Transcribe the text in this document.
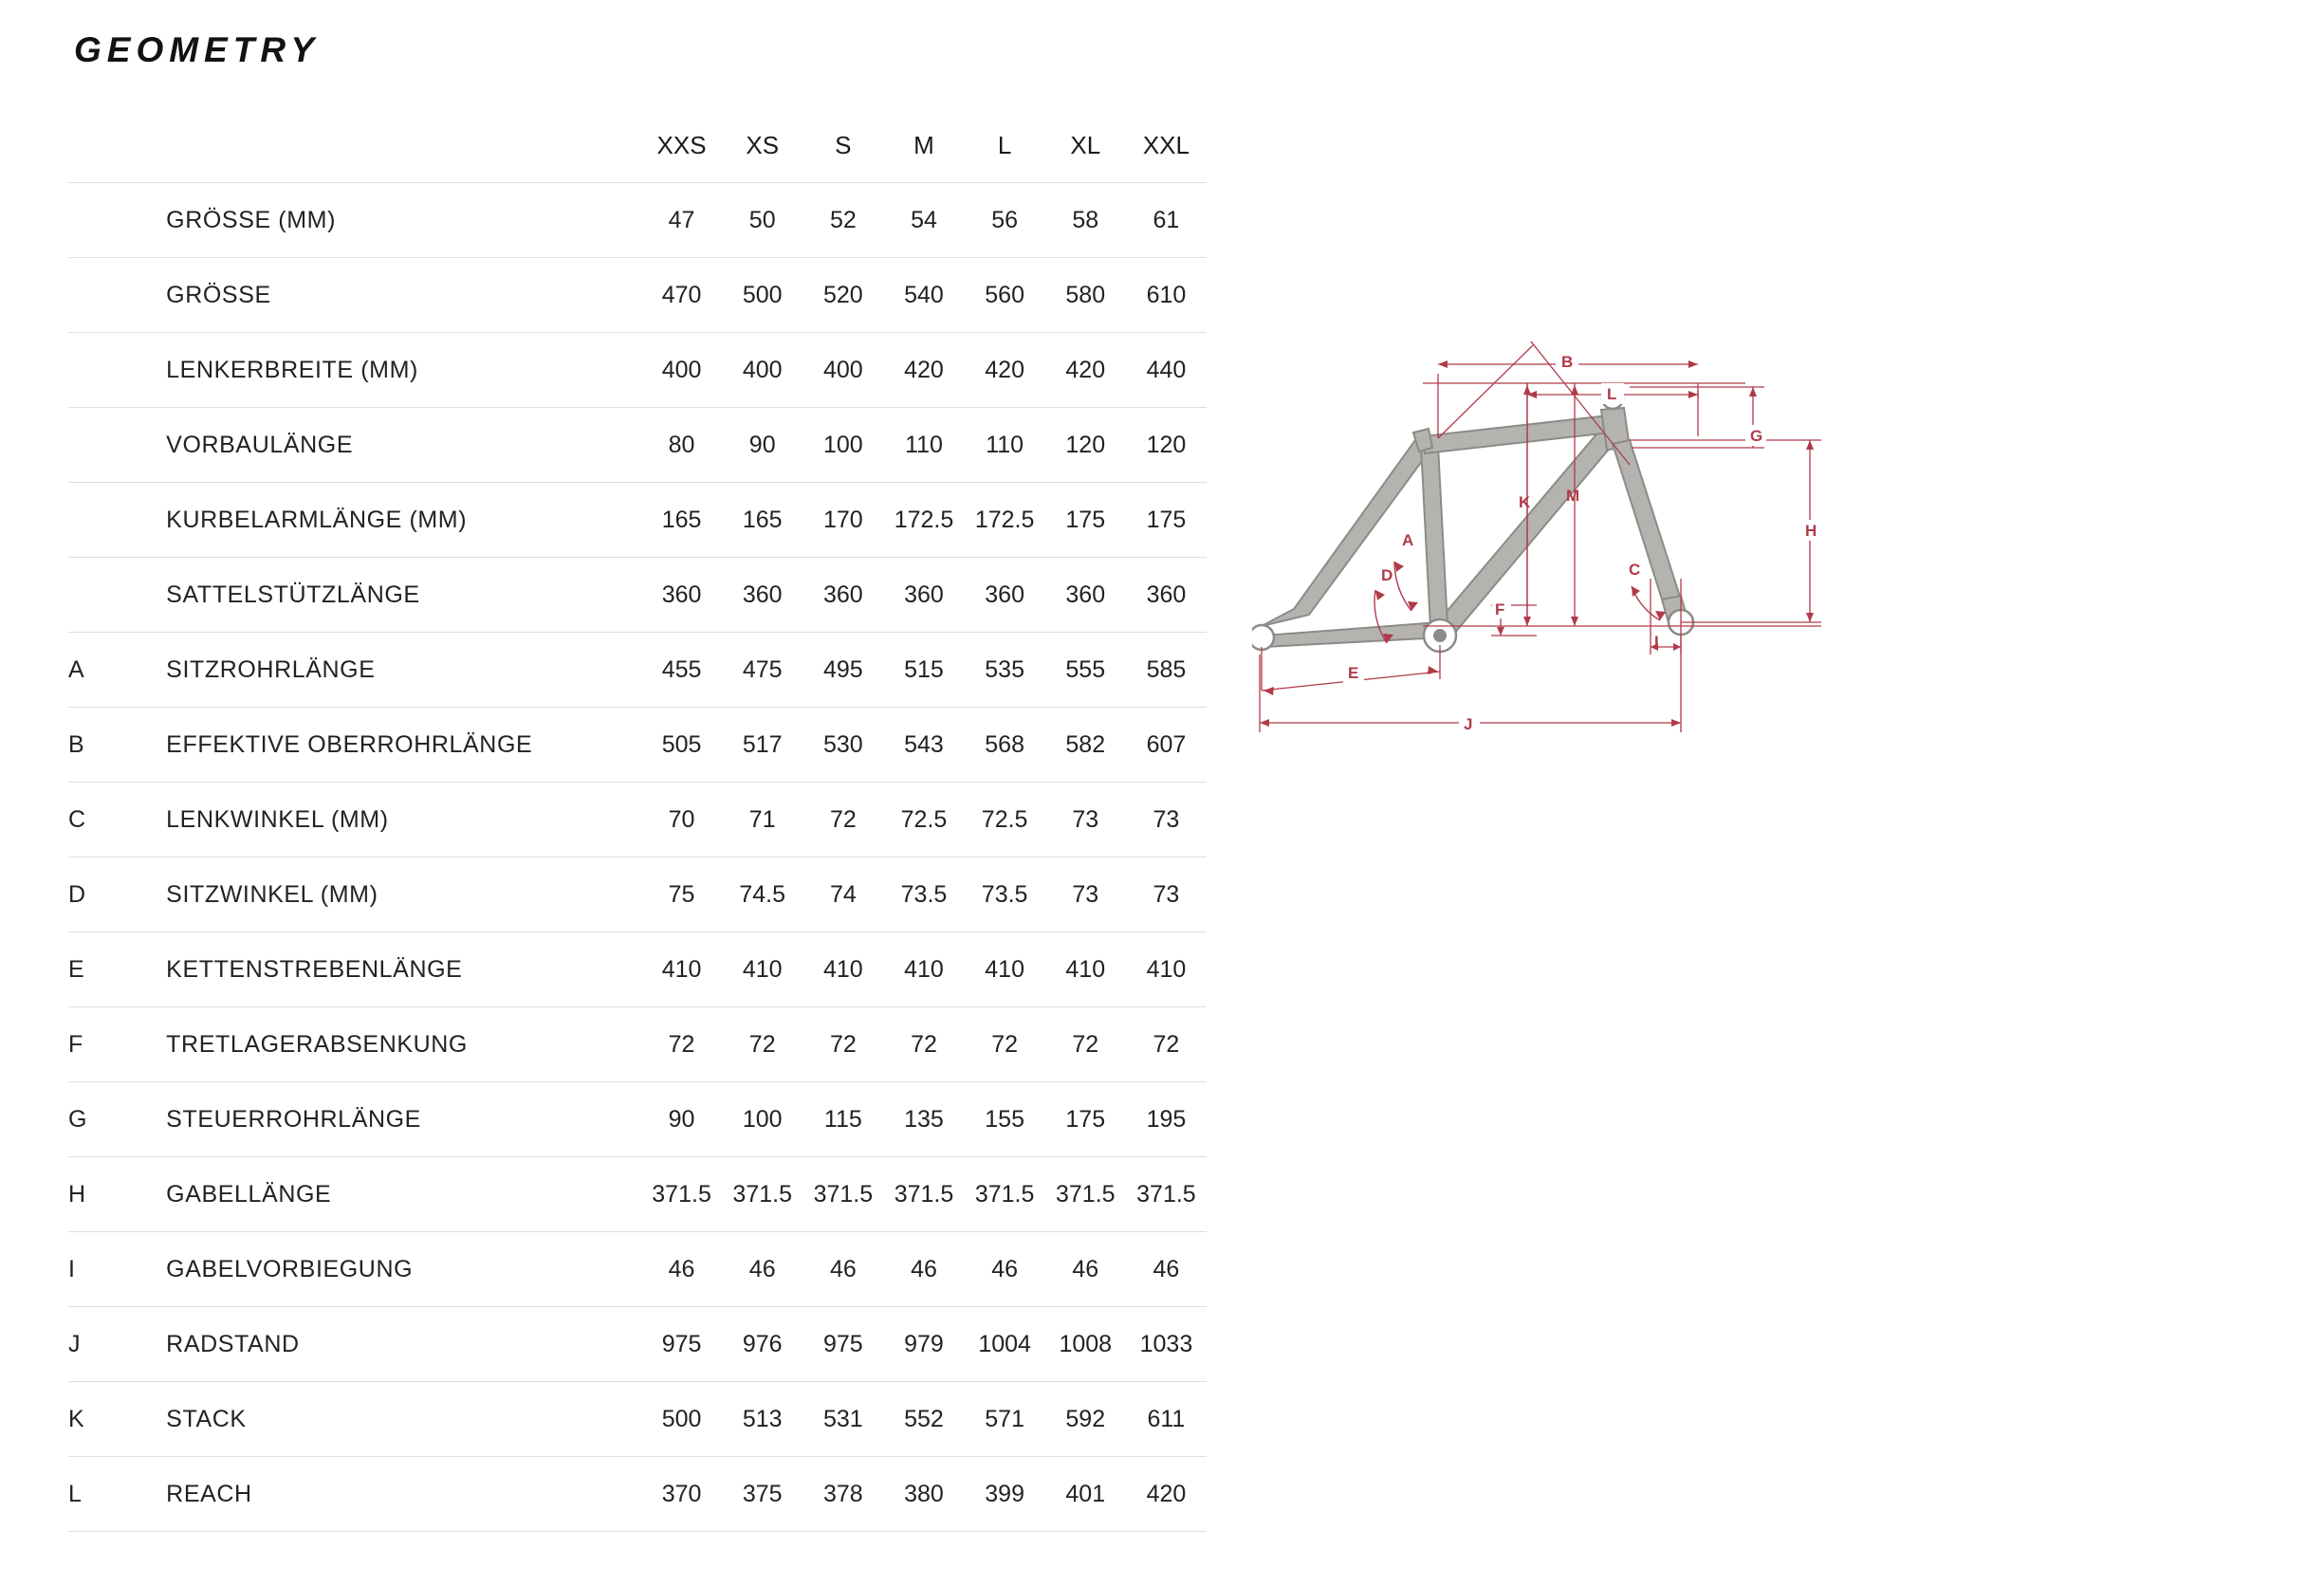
GEOMETRY
		XXS	XS	S	M	L	XL	XXL
	GRÖSSE (MM)	47	50	52	54	56	58	61
	GRÖSSE	470	500	520	540	560	580	610
	LENKERBREITE (MM)	400	400	400	420	420	420	440
	VORBAULÄNGE	80	90	100	110	110	120	120
	KURBELARMLÄNGE (MM)	165	165	170	172.5	172.5	175	175
	SATTELSTÜTZLÄNGE	360	360	360	360	360	360	360
A	SITZROHRLÄNGE	455	475	495	515	535	555	585
B	EFFEKTIVE OBERROHRLÄNGE	505	517	530	543	568	582	607
C	LENKWINKEL (MM)	70	71	72	72.5	72.5	73	73
D	SITZWINKEL (MM)	75	74.5	74	73.5	73.5	73	73
E	KETTENSTREBENLÄNGE	410	410	410	410	410	410	410
F	TRETLAGERABSENKUNG	72	72	72	72	72	72	72
G	STEUERROHRLÄNGE	90	100	115	135	155	175	195
H	GABELLÄNGE	371.5	371.5	371.5	371.5	371.5	371.5	371.5
I	GABELVORBIEGUNG	46	46	46	46	46	46	46
J	RADSTAND	975	976	975	979	1004	1008	1033
K	STACK	500	513	531	552	571	592	611
L	REACH	370	375	378	380	399	401	420
B
L
K M
G
H
A
D	C
F
I
E
J
